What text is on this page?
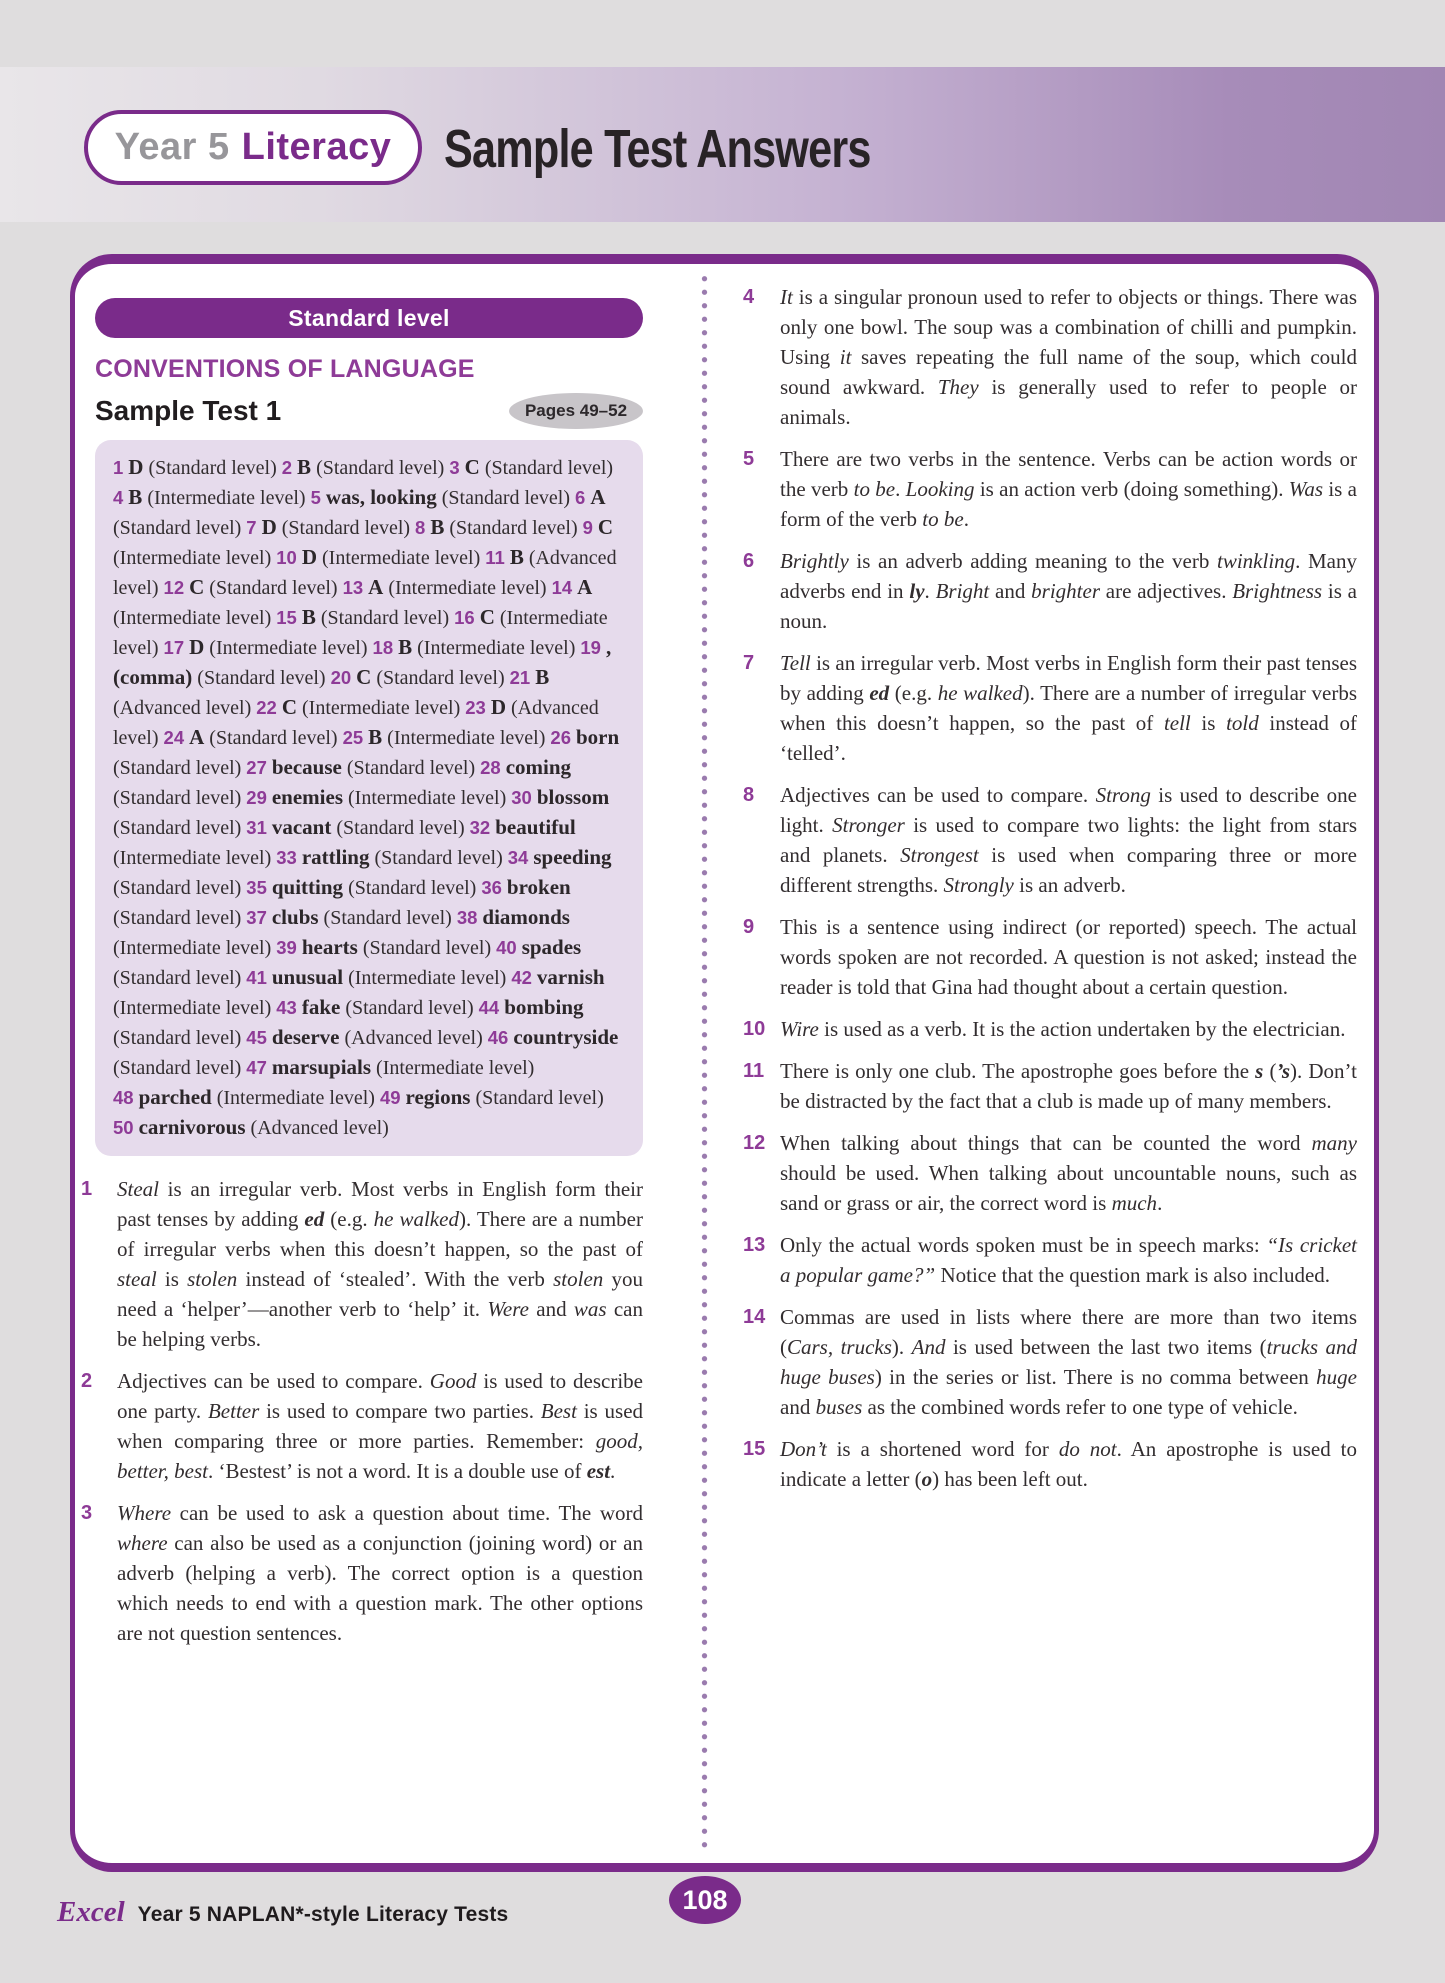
Year 5 Literacy Sample Test Answers
Standard level
CONVENTIONS OF LANGUAGE
Sample Test 1	Pages 49–52
1 D (Standard level) 2 B (Standard level) 3 C (Standard level) 4 B (Intermediate level) 5 was, looking (Standard level) 6 A (Standard level) 7 D (Standard level) 8 B (Standard level) 9 C (Intermediate level) 10 D (Intermediate level) 11 B (Advanced level) 12 C (Standard level) 13 A (Intermediate level) 14 A (Intermediate level) 15 B (Standard level) 16 C (Intermediate level) 17 D (Intermediate level) 18 B (Intermediate level) 19 , (comma) (Standard level) 20 C (Standard level) 21 B (Advanced level) 22 C (Intermediate level) 23 D (Advanced level) 24 A (Standard level) 25 B (Intermediate level) 26 born (Standard level) 27 because (Standard level) 28 coming (Standard level) 29 enemies (Intermediate level) 30 blossom (Standard level) 31 vacant (Standard level) 32 beautiful (Intermediate level) 33 rattling (Standard level) 34 speeding (Standard level) 35 quitting (Standard level) 36 broken (Standard level) 37 clubs (Standard level) 38 diamonds (Intermediate level) 39 hearts (Standard level) 40 spades (Standard level) 41 unusual (Intermediate level) 42 varnish (Intermediate level) 43 fake (Standard level) 44 bombing (Standard level) 45 deserve (Advanced level) 46 countryside (Standard level) 47 marsupials (Intermediate level) 48 parched (Intermediate level) 49 regions (Standard level) 50 carnivorous (Advanced level)
1	Steal is an irregular verb. Most verbs in English form their past tenses by adding ed (e.g. he walked). There are a number of irregular verbs when this doesn’t happen, so the past of steal is stolen instead of ‘stealed’. With the verb stolen you need a ‘helper’—another verb to ‘help’ it. Were and was can be helping verbs.
2	Adjectives can be used to compare. Good is used to describe one party. Better is used to compare two parties. Best is used when comparing three or more parties. Remember: good, better, best. ‘Bestest’ is not a word. It is a double use of est.
3	Where can be used to ask a question about time. The word where can also be used as a conjunction (joining word) or an adverb (helping a verb). The correct option is a question which needs to end with a question mark. The other options are not question sentences.
4	It is a singular pronoun used to refer to objects or things. There was only one bowl. The soup was a combination of chilli and pumpkin. Using it saves repeating the full name of the soup, which could sound awkward. They is generally used to refer to people or animals.
5	There are two verbs in the sentence. Verbs can be action words or the verb to be. Looking is an action verb (doing something). Was is a form of the verb to be.
6	Brightly is an adverb adding meaning to the verb twinkling. Many adverbs end in ly. Bright and brighter are adjectives. Brightness is a noun.
7	Tell is an irregular verb. Most verbs in English form their past tenses by adding ed (e.g. he walked). There are a number of irregular verbs when this doesn’t happen, so the past of tell is told instead of ‘telled’.
8	Adjectives can be used to compare. Strong is used to describe one light. Stronger is used to compare two lights: the light from stars and planets. Strongest is used when comparing three or more different strengths. Strongly is an adverb.
9	This is a sentence using indirect (or reported) speech. The actual words spoken are not recorded. A question is not asked; instead the reader is told that Gina had thought about a certain question.
10 Wire is used as a verb. It is the action undertaken by the electrician.
11 There is only one club. The apostrophe goes before the s (’s). Don’t be distracted by the fact that a club is made up of many members.
12 When talking about things that can be counted the word many should be used. When talking about uncountable nouns, such as sand or grass or air, the correct word is much.
13 Only the actual words spoken must be in speech marks: “Is cricket a popular game?” Notice that the question mark is also included.
14 Commas are used in lists where there are more than two items (Cars, trucks). And is used between the last two items (trucks and huge buses) in the series or list. There is no comma between huge and buses as the combined words refer to one type of vehicle.
15 Don’t is a shortened word for do not. An apostrophe is used to indicate a letter (o) has been left out.
Excel Year 5 NAPLAN*-style Literacy Tests	108
